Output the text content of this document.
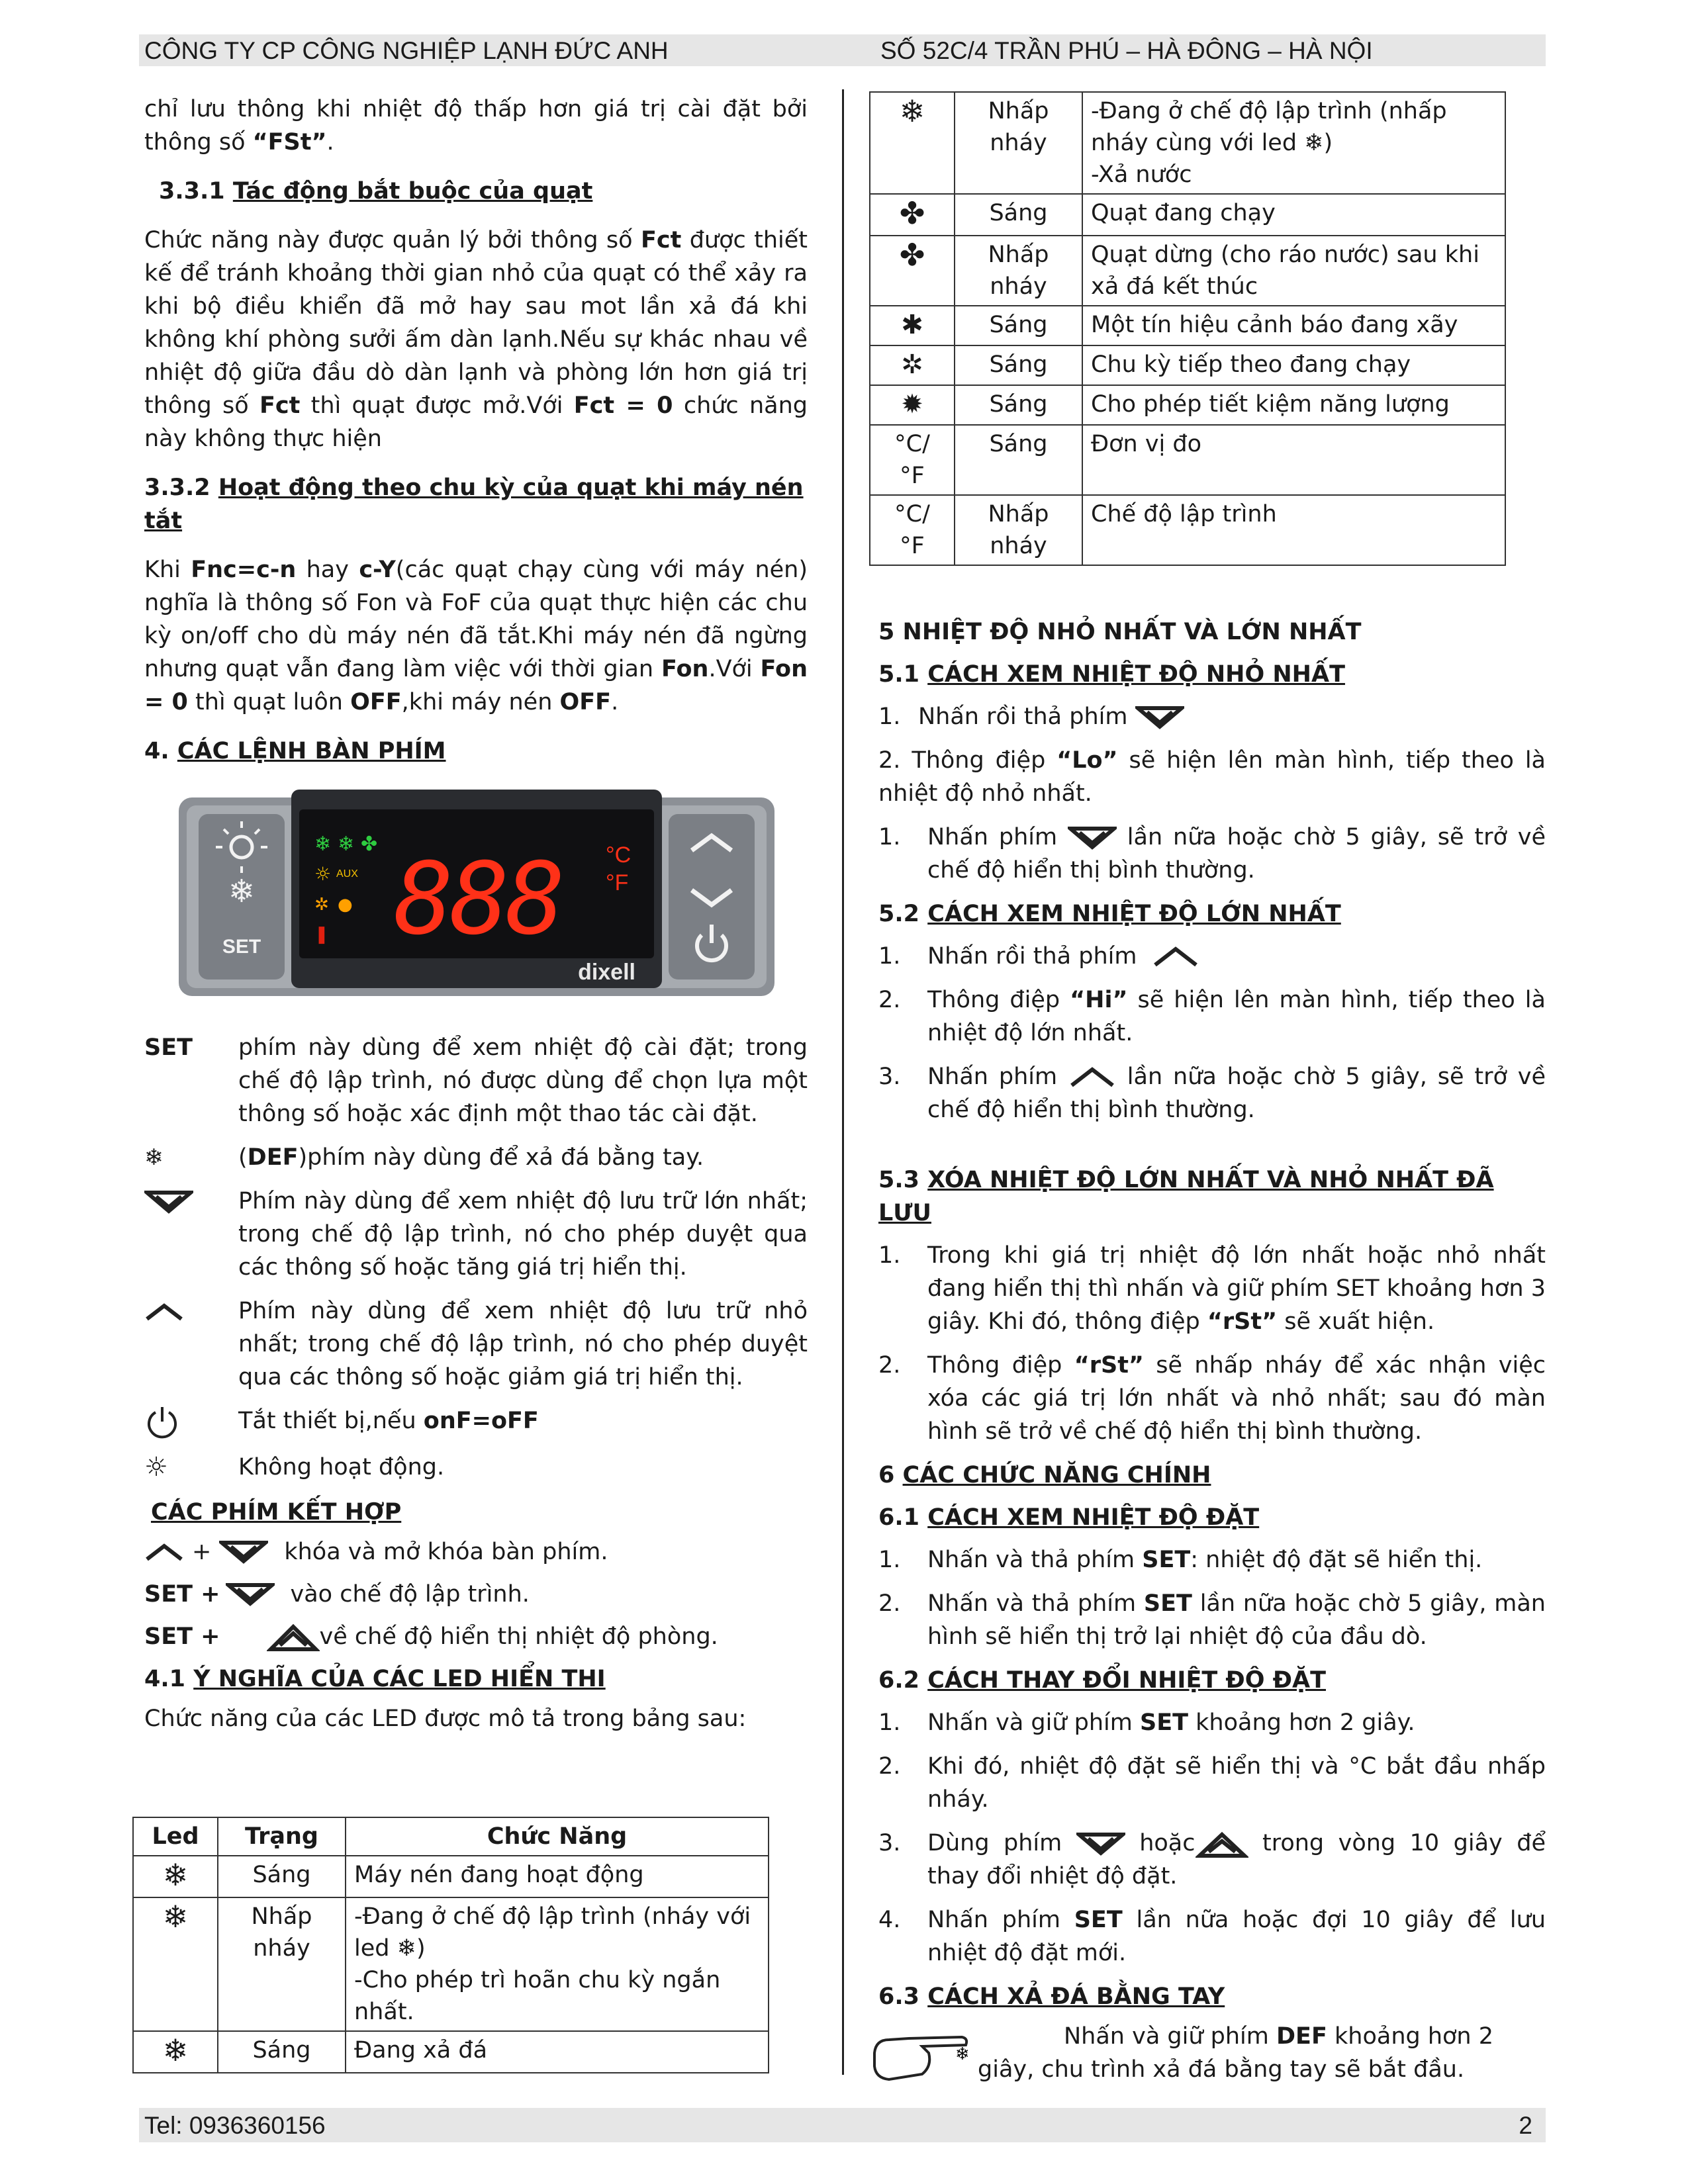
CÔNG TY CP CÔNG NGHIỆP LẠNH ĐỨC ANH	SỐ 52C/4 TRẦN PHÚ – HÀ ĐÔNG – HÀ NỘI

chỉ lưu thông khi nhiệt độ thấp hơn giá trị cài đặt bởi thông số “FSt”.

3.3.1 Tác động bắt buộc của quạt

Chức năng này được quản lý bởi thông số Fct được thiết kế để tránh khoảng thời gian nhỏ của quạt có thể xảy ra khi bộ điều khiển đã mở hay sau mot lần xả đá khi không khí phòng sưởi ấm dàn lạnh.Nếu sự khác nhau về nhiệt độ giữa đầu dò dàn lạnh và phòng lớn hơn giá trị thông số Fct thì quạt được mở.Với Fct = 0 chức năng này không thực hiện

3.3.2 Hoạt động theo chu kỳ của quạt khi máy nén tắt

Khi Fnc=c-n hay c-Y(các quạt chạy cùng với máy nén) nghĩa là thông số Fon và FoF của quạt thực hiện các chu kỳ on/off cho dù máy nén đã tắt.Khi máy nén đã ngừng nhưng quạt vẫn đang làm việc với thời gian Fon.Với Fon = 0 thì quạt luôn OFF,khi máy nén OFF.

4. CÁC LỆNH BÀN PHÍM
❄
SET
❄ ❄ ✤
☼ AUX
✲ ●
❚ 888 °C
°F
dixell
SET	phím này dùng để xem nhiệt độ cài đặt; trong chế độ lập trình, nó được dùng để chọn lựa một thông số hoặc xác định một thao tác cài đặt.
❄	(DEF)phím này dùng để xả đá bằng tay.
Phím này dùng để xem nhiệt độ lưu trữ lớn nhất; trong chế độ lập trình, nó cho phép duyệt qua các thông số hoặc tăng giá trị hiển thị.
Phím này dùng để xem nhiệt độ lưu trữ nhỏ nhất; trong chế độ lập trình, nó cho phép duyệt qua các thông số hoặc giảm giá trị hiển thị.
Tắt thiết bị,nếu onF=oFF
☼	Không hoạt động.
CÁC PHÍM KẾT HỢP
+	khóa và mở khóa bàn phím.
SET +	vào chế độ lập trình.
SET +	về chế độ hiển thị nhiệt độ phòng.
4.1 Ý NGHĨA CỦA CÁC LED HIỂN THI
Chức năng của các LED được mô tả trong bảng sau:
Led	Trạng	Chức Năng
❄	Sáng	Máy nén đang hoạt động
❄	Nhấp nháy	-Đang ở chế độ lập trình (nháy với led ❄)
-Cho phép trì hoãn chu kỳ ngắn nhất.
❄	Sáng	Đang xả đá
❄	Nhấp nháy	-Đang ở chế độ lập trình (nhấp nháy cùng với led ❄)
-Xả nước
✤	Sáng	Quạt đang chạy
✤	Nhấp nháy	Quạt dừng (cho ráo nước) sau khi xả đá kết thúc
✱	Sáng	Một tín hiệu cảnh báo đang xãy
✲	Sáng	Chu kỳ tiếp theo đang chạy
✹	Sáng	Cho phép tiết kiệm năng lượng
°C/ °F	Sáng	Đơn vị đo
°C/ °F	Nhấp nháy	Chế độ lập trình
5 NHIỆT ĐỘ NHỎ NHẤT VÀ LỚN NHẤT
5.1 CÁCH XEM NHIỆT ĐỘ NHỎ NHẤT
1. Nhấn rồi thả phím
2. Thông điệp “Lo” sẽ hiện lên màn hình, tiếp theo là nhiệt độ nhỏ nhất.
1.	Nhấn phím  lần nữa hoặc chờ 5 giây, sẽ trở về chế độ hiển thị bình thường.
5.2 CÁCH XEM NHIỆT ĐỘ LỚN NHẤT
1.	Nhấn rồi thả phím
2.	Thông điệp “Hi” sẽ hiện lên màn hình, tiếp theo là nhiệt độ lớn nhất.
3.	Nhấn phím  lần nữa hoặc chờ 5 giây, sẽ trở về chế độ hiển thị bình thường.
5.3 XÓA NHIỆT ĐỘ LỚN NHẤT VÀ NHỎ NHẤT ĐÃ LƯU
1.	Trong khi giá trị nhiệt độ lớn nhất hoặc nhỏ nhất đang hiển thị thì nhấn và giữ phím SET khoảng hơn 3 giây. Khi đó, thông điệp “rSt” sẽ xuất hiện.
2.	Thông điệp “rSt” sẽ nhấp nháy để xác nhận việc xóa các giá trị lớn nhất và nhỏ nhất; sau đó màn hình sẽ trở về chế độ hiển thị bình thường.
6 CÁC CHỨC NĂNG CHÍNH
6.1 CÁCH XEM NHIỆT ĐỘ ĐẶT
1.	Nhấn và thả phím SET: nhiệt độ đặt sẽ hiển thị.
2.	Nhấn và thả phím SET lần nữa hoặc chờ 5 giây, màn hình sẽ hiển thị trở lại nhiệt độ của đầu dò.
6.2 CÁCH THAY ĐỔI NHIỆT ĐỘ ĐẶT
1.	Nhấn và giữ phím SET khoảng hơn 2 giây.
2.	Khi đó, nhiệt độ đặt sẽ hiển thị và °C bắt đầu nhấp nháy.
3.	Dùng phím  hoặc trong vòng 10 giây để thay đổi nhiệt độ đặt.
4.	Nhấn phím SET lần nữa hoặc đợi 10 giây để lưu nhiệt độ đặt mới.
6.3 CÁCH XẢ ĐÁ BẰNG TAY
❄
Nhấn và giữ phím DEF khoảng hơn 2 giây, chu trình xả đá bằng tay sẽ bắt đầu.
Tel: 0936360156	2
